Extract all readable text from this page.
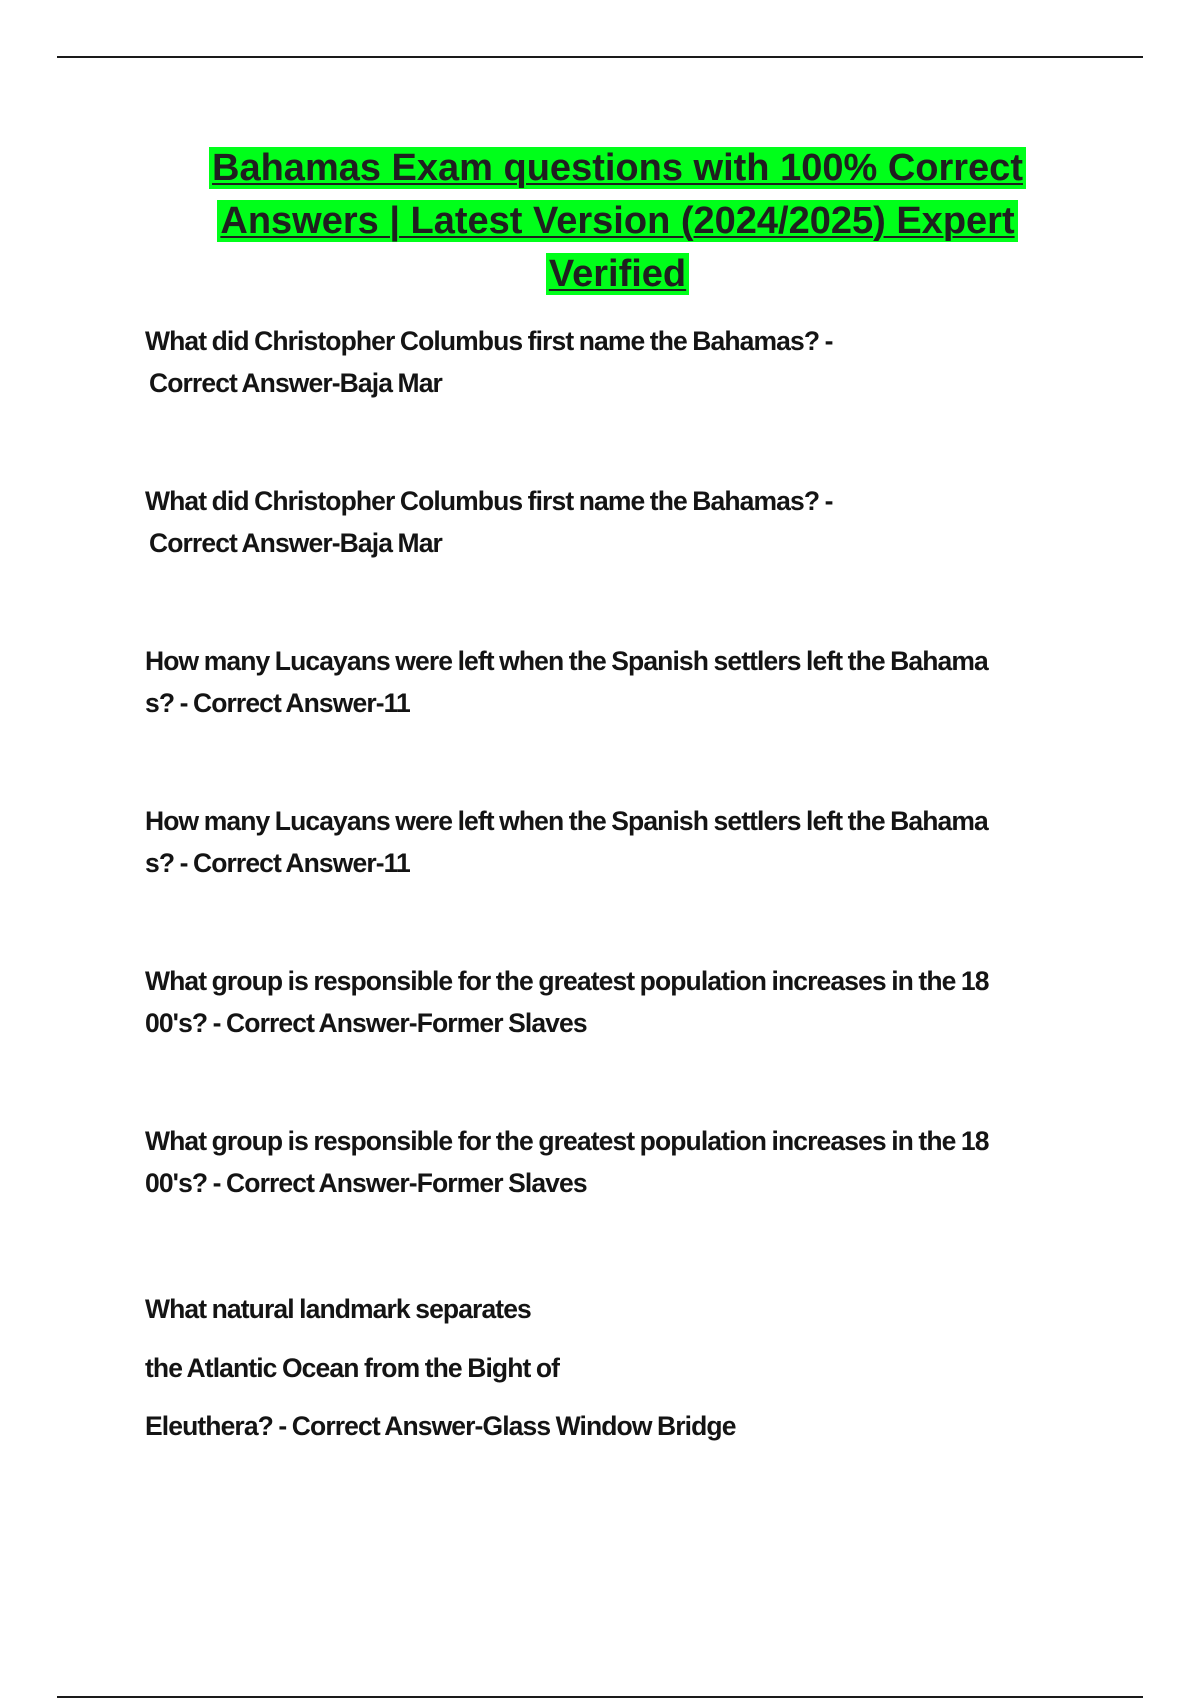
Bahamas Exam questions with 100% Correct
Answers | Latest Version (2024/2025) Expert
Verified
What did Christopher Columbus first name the Bahamas? -
Correct Answer-Baja Mar
What did Christopher Columbus first name the Bahamas? -
Correct Answer-Baja Mar
How many Lucayans were left when the Spanish settlers left the Bahama
s? - Correct Answer-11
How many Lucayans were left when the Spanish settlers left the Bahama
s? - Correct Answer-11
What group is responsible for the greatest population increases in the 18
00's? - Correct Answer-Former Slaves
What group is responsible for the greatest population increases in the 18
00's? - Correct Answer-Former Slaves
What natural landmark separates
the Atlantic Ocean from the Bight of
Eleuthera? - Correct Answer-Glass Window Bridge
